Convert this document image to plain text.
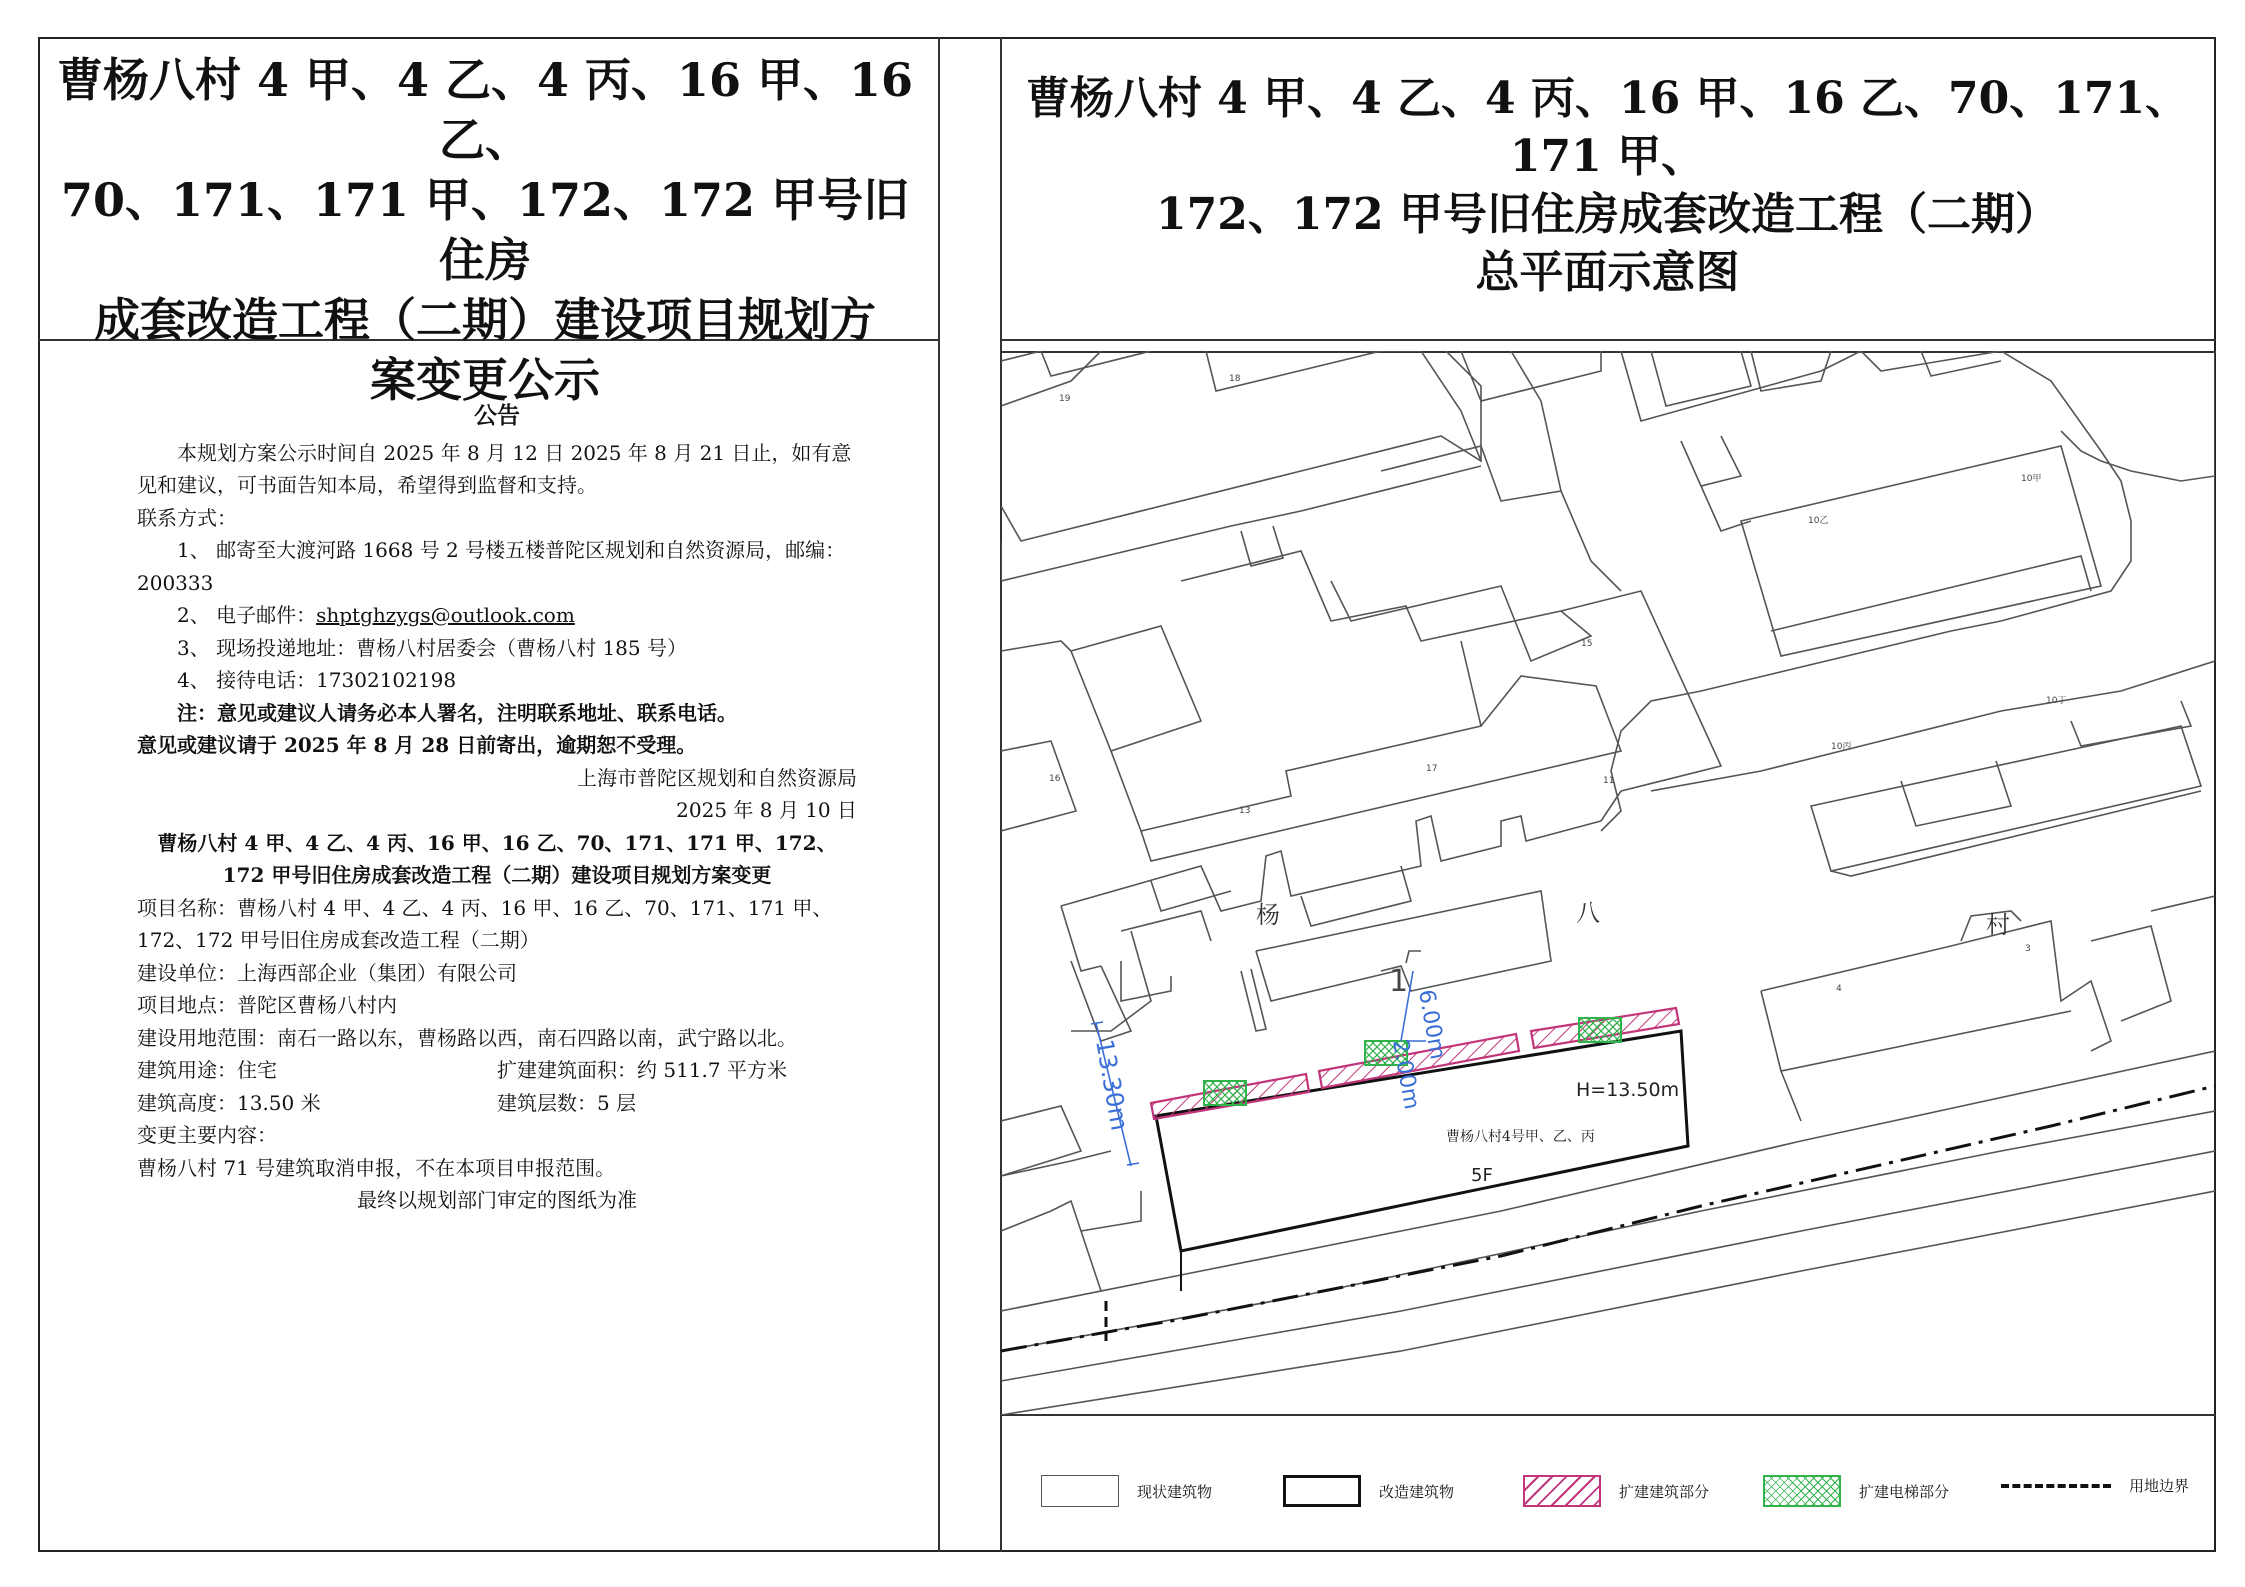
曹杨八村 4 甲、4 乙、4 丙、16 甲、16 乙、
70、171、171 甲、172、172 甲号旧住房
成套改造工程（二期）建设项目规划方
案变更公示
曹杨八村 4 甲、4 乙、4 丙、16 甲、16 乙、70、171、171 甲、
172、172 甲号旧住房成套改造工程（二期）
总平面示意图
公告

本规划方案公示时间自 2025 年 8 月 12 日 2025 年 8 月 21 日止，如有意见和建议，可书面告知本局，希望得到监督和支持。

联系方式：

1、 邮寄至大渡河路 1668 号 2 号楼五楼普陀区规划和自然资源局，邮编：200333

2、 电子邮件：shptghzygs@outlook.com

3、 现场投递地址：曹杨八村居委会（曹杨八村 185 号）

4、 接待电话：17302102198

注：意见或建议人请务必本人署名，注明联系地址、联系电话。

意见或建议请于 2025 年 8 月 28 日前寄出，逾期恕不受理。

上海市普陀区规划和自然资源局

2025 年 8 月 10 日

曹杨八村 4 甲、4 乙、4 丙、16 甲、16 乙、70、171、171 甲、172、172 甲号旧住房成套改造工程（二期）建设项目规划方案变更

项目名称：曹杨八村 4 甲、4 乙、4 丙、16 甲、16 乙、70、171、171 甲、172、172 甲号旧住房成套改造工程（二期）

建设单位：上海西部企业（集团）有限公司

项目地点：普陀区曹杨八村内

建设用地范围：南石一路以东，曹杨路以西，南石四路以南，武宁路以北。

建筑用途：住宅	扩建建筑面积：约 511.7 平方米
建筑高度：13.50 米	建筑层数：5 层

变更主要内容：

曹杨八村 71 号建筑取消申报，不在本项目申报范围。

最终以规划部门审定的图纸为准

13.30m
6.00m
2.00m	H=13.50m
曹杨八村4号甲、乙、丙
5F
杨	八	村
1
19
18
15
16
17
13
11
3
4
10乙
10甲
10丁
10丙
现状建筑物	改造建筑物	扩建建筑部分	扩建电梯部分	用地边界
